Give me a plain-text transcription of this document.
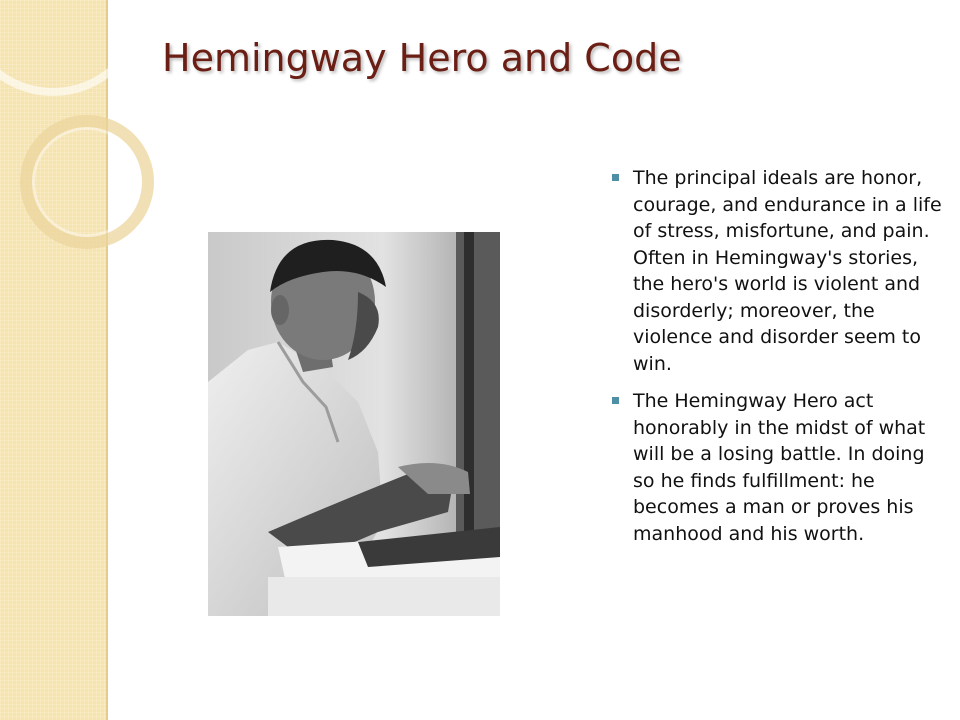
Hemingway Hero and Code
The principal ideals are honor, courage, and endurance in a life of stress, misfortune, and pain. Often in Hemingway's stories, the hero's world is violent and disorderly; moreover, the violence and disorder seem to win.
The Hemingway Hero act honorably in the midst of what will be a losing battle. In doing so he finds fulfillment: he becomes a man or proves his manhood and his worth.
